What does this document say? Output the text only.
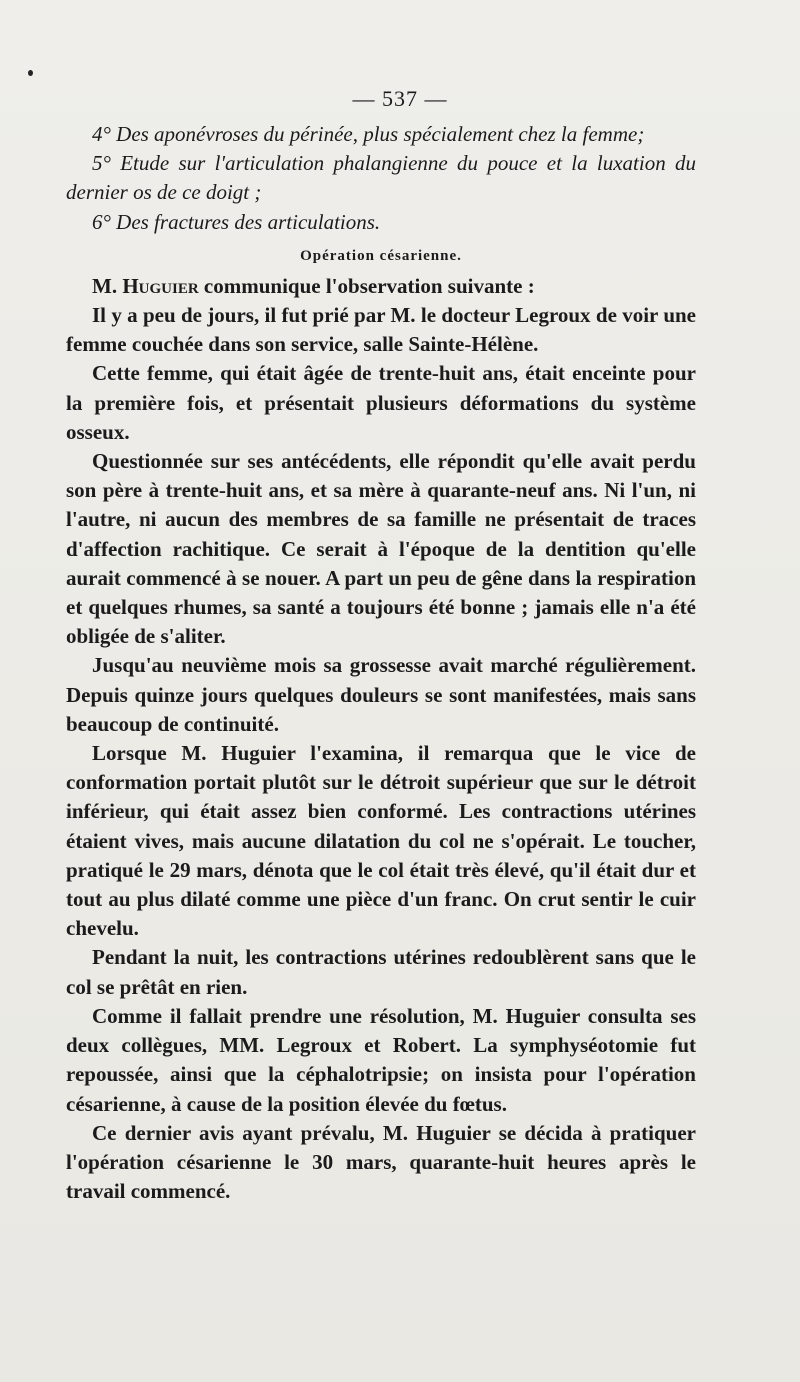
— 537 —

4° Des aponévroses du périnée, plus spécialement chez la femme;

5° Etude sur l'articulation phalangienne du pouce et la luxation du dernier os de ce doigt ;

6° Des fractures des articulations.

Opération césarienne.

M. Huguier communique l'observation suivante :

Il y a peu de jours, il fut prié par M. le docteur Legroux de voir une femme couchée dans son service, salle Sainte-Hélène.

Cette femme, qui était âgée de trente-huit ans, était enceinte pour la première fois, et présentait plusieurs déformations du système osseux.

Questionnée sur ses antécédents, elle répondit qu'elle avait perdu son père à trente-huit ans, et sa mère à quarante-neuf ans. Ni l'un, ni l'autre, ni aucun des membres de sa famille ne présentait de traces d'affection rachitique. Ce serait à l'époque de la dentition qu'elle aurait commencé à se nouer. A part un peu de gêne dans la respiration et quelques rhumes, sa santé a toujours été bonne ; jamais elle n'a été obligée de s'aliter.

Jusqu'au neuvième mois sa grossesse avait marché régulièrement. Depuis quinze jours quelques douleurs se sont manifestées, mais sans beaucoup de continuité.

Lorsque M. Huguier l'examina, il remarqua que le vice de conformation portait plutôt sur le détroit supérieur que sur le détroit inférieur, qui était assez bien conformé. Les contractions utérines étaient vives, mais aucune dilatation du col ne s'opérait. Le toucher, pratiqué le 29 mars, dénota que le col était très élevé, qu'il était dur et tout au plus dilaté comme une pièce d'un franc. On crut sentir le cuir chevelu.

Pendant la nuit, les contractions utérines redoublèrent sans que le col se prêtât en rien.

Comme il fallait prendre une résolution, M. Huguier consulta ses deux collègues, MM. Legroux et Robert. La symphyséotomie fut repoussée, ainsi que la céphalotripsie; on insista pour l'opération césarienne, à cause de la position élevée du fœtus.

Ce dernier avis ayant prévalu, M. Huguier se décida à pratiquer l'opération césarienne le 30 mars, quarante-huit heures après le travail commencé.
